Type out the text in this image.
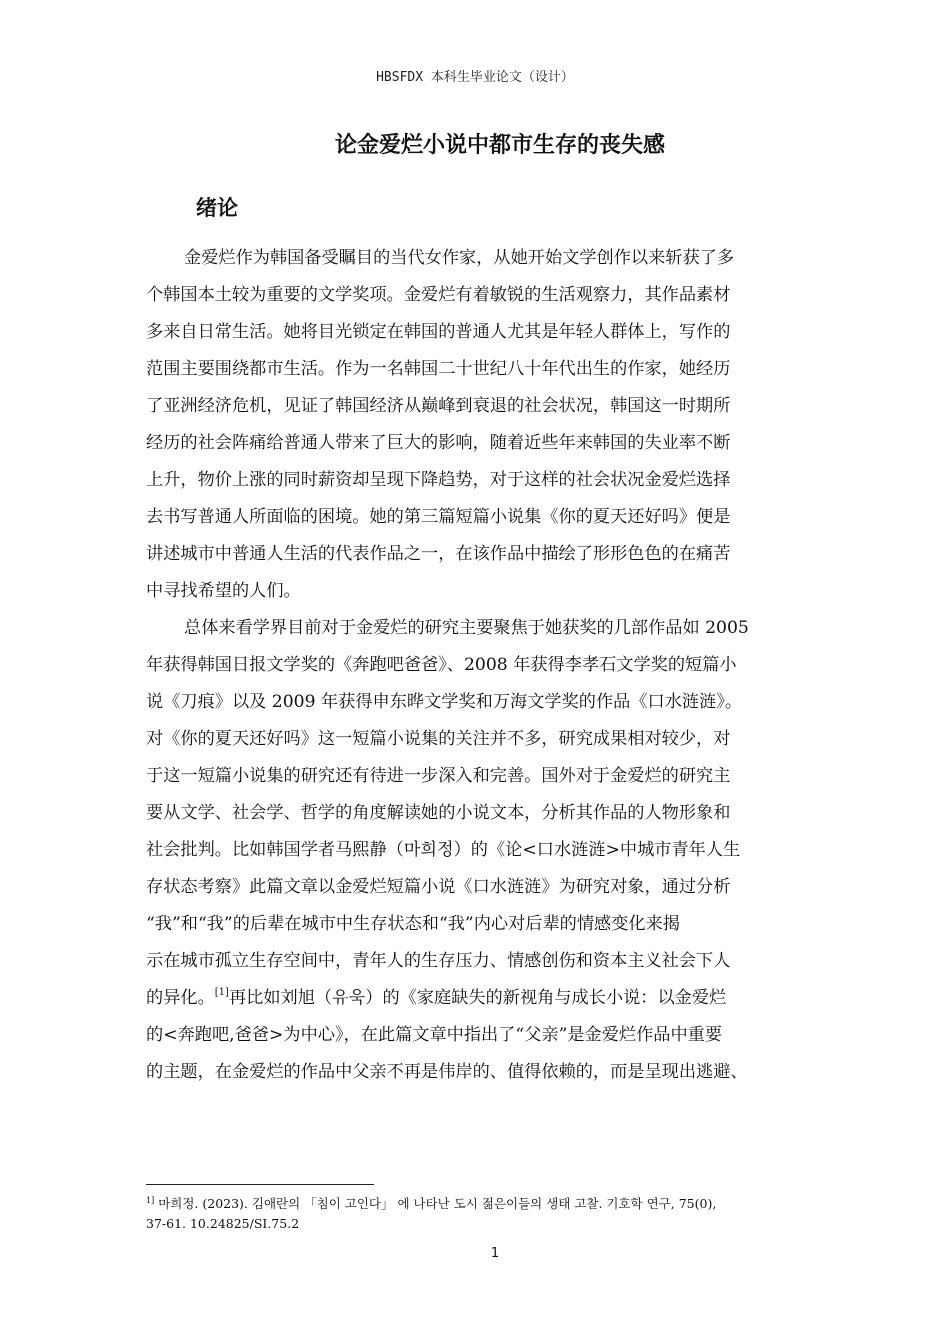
HBSFDX 本科生毕业论文（设计）
论金爱烂小说中都市生存的丧失感
绪论

金爱烂作为韩国备受瞩目的当代女作家，从她开始文学创作以来斩获了多
个韩国本土较为重要的文学奖项。金爱烂有着敏锐的生活观察力，其作品素材
多来自日常生活。她将目光锁定在韩国的普通人尤其是年轻人群体上，写作的
范围主要围绕都市生活。作为一名韩国二十世纪八十年代出生的作家，她经历
了亚洲经济危机，见证了韩国经济从巅峰到衰退的社会状况，韩国这一时期所
经历的社会阵痛给普通人带来了巨大的影响，随着近些年来韩国的失业率不断
上升，物价上涨的同时薪资却呈现下降趋势，对于这样的社会状况金爱烂选择
去书写普通人所面临的困境。她的第三篇短篇小说集《你的夏天还好吗》便是
讲述城市中普通人生活的代表作品之一，在该作品中描绘了形形色色的在痛苦
中寻找希望的人们。

总体来看学界目前对于金爱烂的研究主要聚焦于她获奖的几部作品如 2005
年获得韩国日报文学奖的《奔跑吧爸爸》、2008 年获得李孝石文学奖的短篇小
说《刀痕》以及 2009 年获得申东晔文学奖和万海文学奖的作品《口水涟涟》。
对《你的夏天还好吗》这一短篇小说集的关注并不多，研究成果相对较少，对
于这一短篇小说集的研究还有待进一步深入和完善。国外对于金爱烂的研究主
要从文学、社会学、哲学的角度解读她的小说文本，分析其作品的人物形象和
社会批判。比如韩国学者马熙静（마희정）的《论<口水涟涟>中城市青年人生
存状态考察》此篇文章以金爱烂短篇小说《口水涟涟》为研究对象，通过分析
“我”和“我”的后辈在城市中生存状态和“我”内心对后辈的情感变化来揭
示在城市孤立生存空间中，青年人的生存压力、情感创伤和资本主义社会下人
的异化。[1]再比如刘旭（유욱）的《家庭缺失的新视角与成长小说：以金爱烂
的<奔跑吧,爸爸>为中心》，在此篇文章中指出了“父亲”是金爱烂作品中重要
的主题，在金爱烂的作品中父亲不再是伟岸的、值得依赖的，而是呈现出逃避、

$^{1]}$ 마희정. (2023). 김애란의 「침이 고인다」 에 나타난 도시 젊은이들의 생태 고찰. 기호학 연구, 75(0),
37-61. 10.24825/SI.75.2
1
